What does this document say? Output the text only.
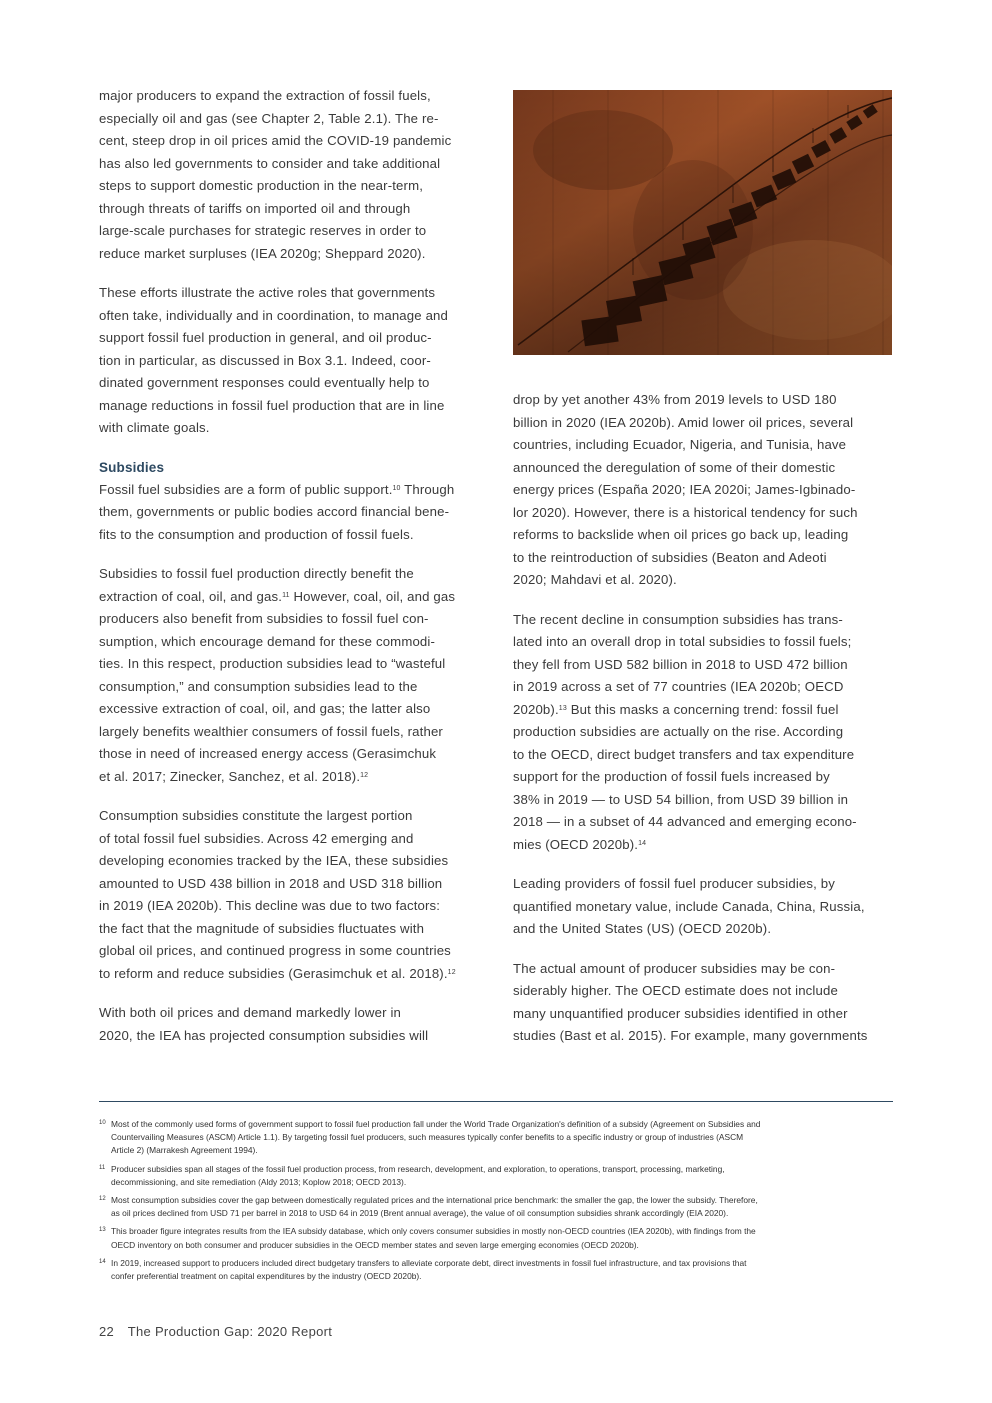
major producers to expand the extraction of fossil fuels,
especially oil and gas (see Chapter 2, Table 2.1). The re-
cent, steep drop in oil prices amid the COVID-19 pandemic
has also led governments to consider and take additional
steps to support domestic production in the near-term,
through threats of tariffs on imported oil and through
large-scale purchases for strategic reserves in order to
reduce market surpluses (IEA 2020g; Sheppard 2020).

These efforts illustrate the active roles that governments
often take, individually and in coordination, to manage and
support fossil fuel production in general, and oil produc-
tion in particular, as discussed in Box 3.1. Indeed, coor-
dinated government responses could eventually help to
manage reductions in fossil fuel production that are in line
with climate goals.

Subsidies

Fossil fuel subsidies are a form of public support.$^{10}$ Through
them, governments or public bodies accord financial bene-
fits to the consumption and production of fossil fuels.

Subsidies to fossil fuel production directly benefit the
extraction of coal, oil, and gas.$^{11}$ However, coal, oil, and gas
producers also benefit from subsidies to fossil fuel con-
sumption, which encourage demand for these commodi-
ties. In this respect, production subsidies lead to “wasteful
consumption,” and consumption subsidies lead to the
excessive extraction of coal, oil, and gas; the latter also
largely benefits wealthier consumers of fossil fuels, rather
those in need of increased energy access (Gerasimchuk
et al. 2017; Zinecker, Sanchez, et al. 2018).$^{12}$

Consumption subsidies constitute the largest portion
of total fossil fuel subsidies. Across 42 emerging and
developing economies tracked by the IEA, these subsidies
amounted to USD 438 billion in 2018 and USD 318 billion
in 2019 (IEA 2020b). This decline was due to two factors:
the fact that the magnitude of subsidies fluctuates with
global oil prices, and continued progress in some countries
to reform and reduce subsidies (Gerasimchuk et al. 2018).$^{12}$

With both oil prices and demand markedly lower in
2020, the IEA has projected consumption subsidies will

drop by yet another 43% from 2019 levels to USD 180
billion in 2020 (IEA 2020b). Amid lower oil prices, several
countries, including Ecuador, Nigeria, and Tunisia, have
announced the deregulation of some of their domestic
energy prices (España 2020; IEA 2020i; James-Igbinado-
lor 2020). However, there is a historical tendency for such
reforms to backslide when oil prices go back up, leading
to the reintroduction of subsidies (Beaton and Adeoti
2020; Mahdavi et al. 2020).

The recent decline in consumption subsidies has trans-
lated into an overall drop in total subsidies to fossil fuels;
they fell from USD 582 billion in 2018 to USD 472 billion
in 2019 across a set of 77 countries (IEA 2020b; OECD
2020b).$^{13}$ But this masks a concerning trend: fossil fuel
production subsidies are actually on the rise. According
to the OECD, direct budget transfers and tax expenditure
support for the production of fossil fuels increased by
38% in 2019 — to USD 54 billion, from USD 39 billion in
2018 — in a subset of 44 advanced and emerging econo-
mies (OECD 2020b).$^{14}$

Leading providers of fossil fuel producer subsidies, by
quantified monetary value, include Canada, China, Russia,
and the United States (US) (OECD 2020b).

The actual amount of producer subsidies may be con-
siderably higher. The OECD estimate does not include
many unquantified producer subsidies identified in other
studies (Bast et al. 2015). For example, many governments

10 Most of the commonly used forms of government support to fossil fuel production fall under the World Trade Organization's definition of a subsidy (Agreement on Subsidies and
Countervailing Measures (ASCM) Article 1.1). By targeting fossil fuel producers, such measures typically confer benefits to a specific industry or group of industries (ASCM
Article 2) (Marrakesh Agreement 1994).
11 Producer subsidies span all stages of the fossil fuel production process, from research, development, and exploration, to operations, transport, processing, marketing,
decommissioning, and site remediation (Aldy 2013; Koplow 2018; OECD 2013).
12 Most consumption subsidies cover the gap between domestically regulated prices and the international price benchmark: the smaller the gap, the lower the subsidy. Therefore,
as oil prices declined from USD 71 per barrel in 2018 to USD 64 in 2019 (Brent annual average), the value of oil consumption subsidies shrank accordingly (EIA 2020).
13 This broader figure integrates results from the IEA subsidy database, which only covers consumer subsidies in mostly non-OECD countries (IEA 2020b), with findings from the
OECD inventory on both consumer and producer subsidies in the OECD member states and seven large emerging economies (OECD 2020b).
14 In 2019, increased support to producers included direct budgetary transfers to alleviate corporate debt, direct investments in fossil fuel infrastructure, and tax provisions that
confer preferential treatment on capital expenditures by the industry (OECD 2020b).
22 The Production Gap: 2020 Report
